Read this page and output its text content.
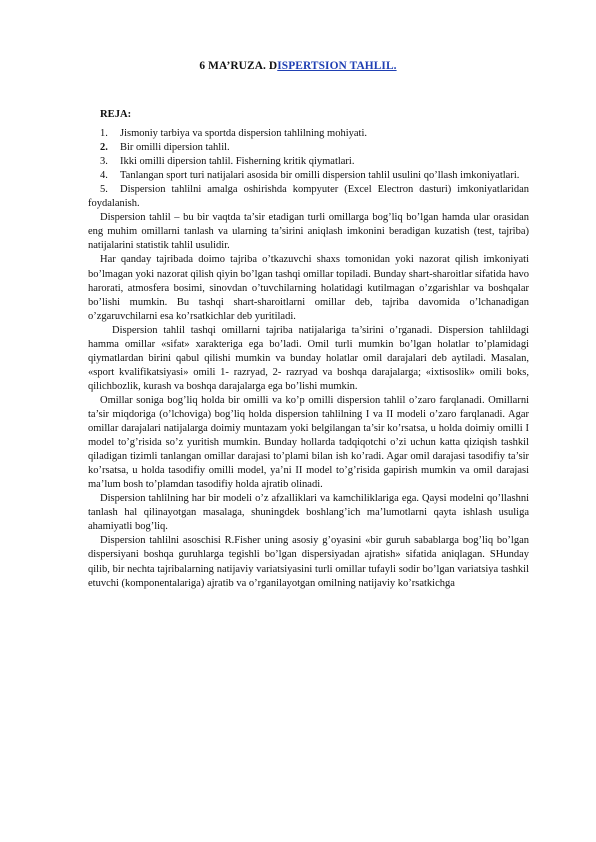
6 MA’RUZA. DISPERTSION TAHLIL.
REJA:

1. Jismoniy tarbiya va sportda dispersion tahlilning mohiyati.

2. Bir omilli dipersion tahlil.

3. Ikki omilli dipersion tahlil. Fisherning kritik qiymatlari.

4. Tanlangan sport turi natijalari asosida bir omilli dispersion tahlil usulini qo’llash imkoniyatlari.

5. Dispersion tahlilni amalga oshirishda kompyuter (Excel Electron dasturi) imkoniyatlaridan foydalanish.

Dispersion tahlil – bu bir vaqtda ta’sir etadigan turli omillarga bog’liq bo’lgan hamda ular orasidan eng muhim omillarni tanlash va ularning ta’sirini aniqlash imkonini beradigan kuzatish (test, tajriba) natijalarini statistik tahlil usulidir.

Har qanday tajribada doimo tajriba o’tkazuvchi shaxs tomonidan yoki nazorat qilish imkoniyati bo’lmagan yoki nazorat qilish qiyin bo’lgan tashqi omillar topiladi. Bunday shart-sharoitlar sifatida havo harorati, atmosfera bosimi, sinovdan o’tuvchilarning holatidagi kutilmagan o’zgarishlar va boshqalar bo’lishi mumkin. Bu tashqi shart-sharoitlarni omillar deb, tajriba davomida o’lchanadigan o’zgaruvchilarni esa ko’rsatkichlar deb yuritiladi.

Dispersion tahlil tashqi omillarni tajriba natijalariga ta’sirini o’rganadi. Dispersion tahlildagi hamma omillar «sifat» xarakteriga ega bo’ladi. Omil turli mumkin bo’lgan holatlar to’plamidagi qiymatlardan birini qabul qilishi mumkin va bunday holatlar omil darajalari deb aytiladi. Masalan, «sport kvalifikatsiyasi» omili 1- razryad, 2- razryad va boshqa darajalarga; «ixtisoslik» omili boks, qilichbozlik, kurash va boshqa darajalarga ega bo’lishi mumkin.

Omillar soniga bog’liq holda bir omilli va ko’p omilli dispersion tahlil o’zaro farqlanadi. Omillarni ta’sir miqdoriga (o’lchoviga) bog’liq holda dispersion tahlilning I va II modeli o’zaro farqlanadi. Agar omillar darajalari natijalarga doimiy muntazam yoki belgilangan ta’sir ko’rsatsa, u holda doimiy omilli I model to’g’risida so’z yuritish mumkin. Bunday hollarda tadqiqotchi o’zi uchun katta qiziqish tashkil qiladigan tizimli tanlangan omillar darajasi to’plami bilan ish ko’radi. Agar omil darajasi tasodifiy ta’sir ko’rsatsa, u holda tasodifiy omilli model, ya’ni II model to’g’risida gapirish mumkin va omil darajasi ma’lum bosh to’plamdan tasodifiy holda ajratib olinadi.

Dispersion tahlilning har bir modeli o’z afzalliklari va kamchiliklariga ega. Qaysi modelni qo’llashni tanlash hal qilinayotgan masalaga, shuningdek boshlang’ich ma’lumotlarni qayta ishlash usuliga ahamiyatli bog’liq.

Dispersion tahlilni asoschisi R.Fisher uning asosiy g’oyasini «bir guruh sabablarga bog’liq bo’lgan dispersiyani boshqa guruhlarga tegishli bo’lgan dispersiyadan ajratish» sifatida aniqlagan. SHunday qilib, bir nechta tajribalarning natijaviy variatsiyasini turli omillar tufayli sodir bo’lgan variatsiya tashkil etuvchi (komponentalariga) ajratib va o’rganilayotgan omilning natijaviy ko’rsatkichga
